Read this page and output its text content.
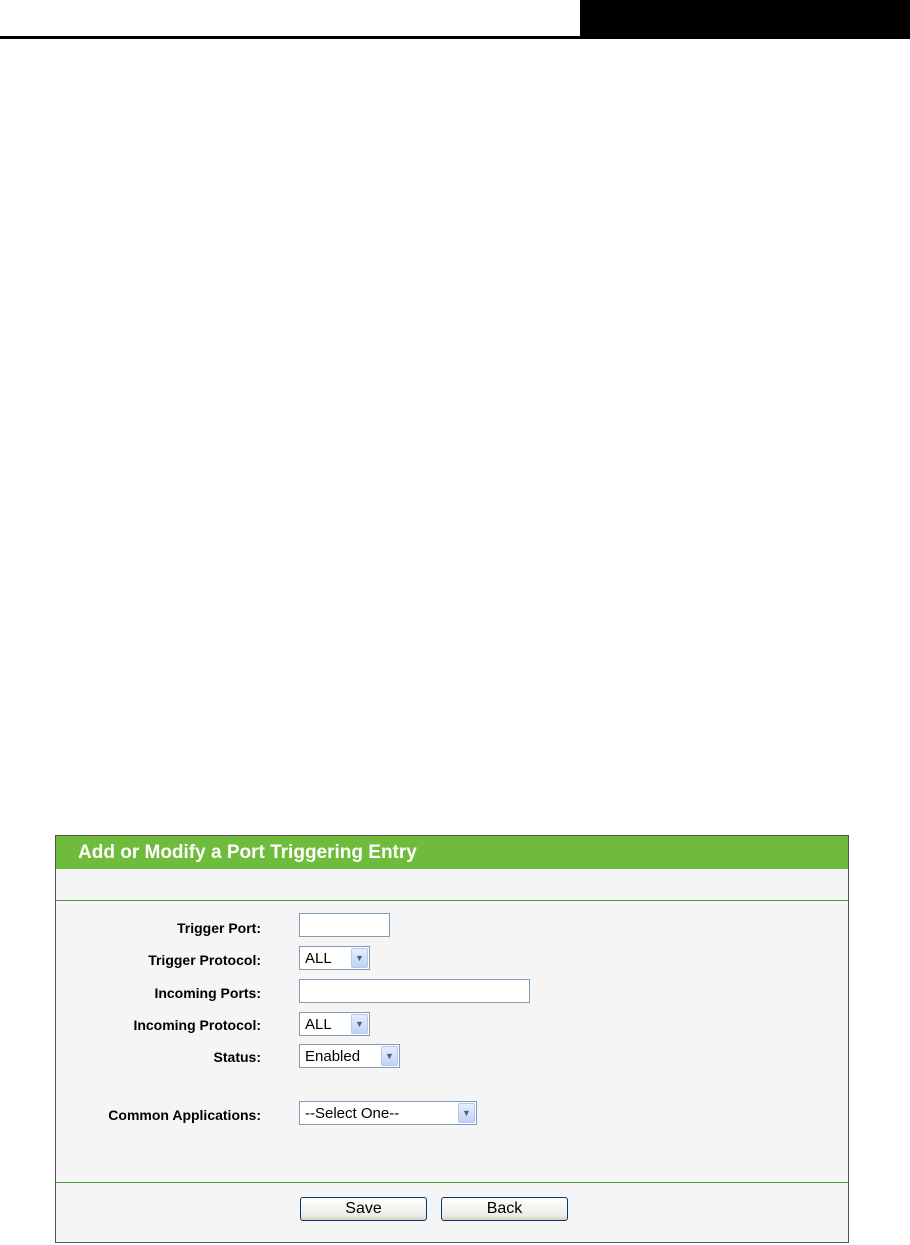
Add or Modify a Port Triggering Entry
Trigger Port:
Trigger Protocol:	ALL	▼
Incoming Ports:
Incoming Protocol:	ALL	▼
Status:	Enabled	▼
Common Applications:	--Select One--	▼
Save	Back
